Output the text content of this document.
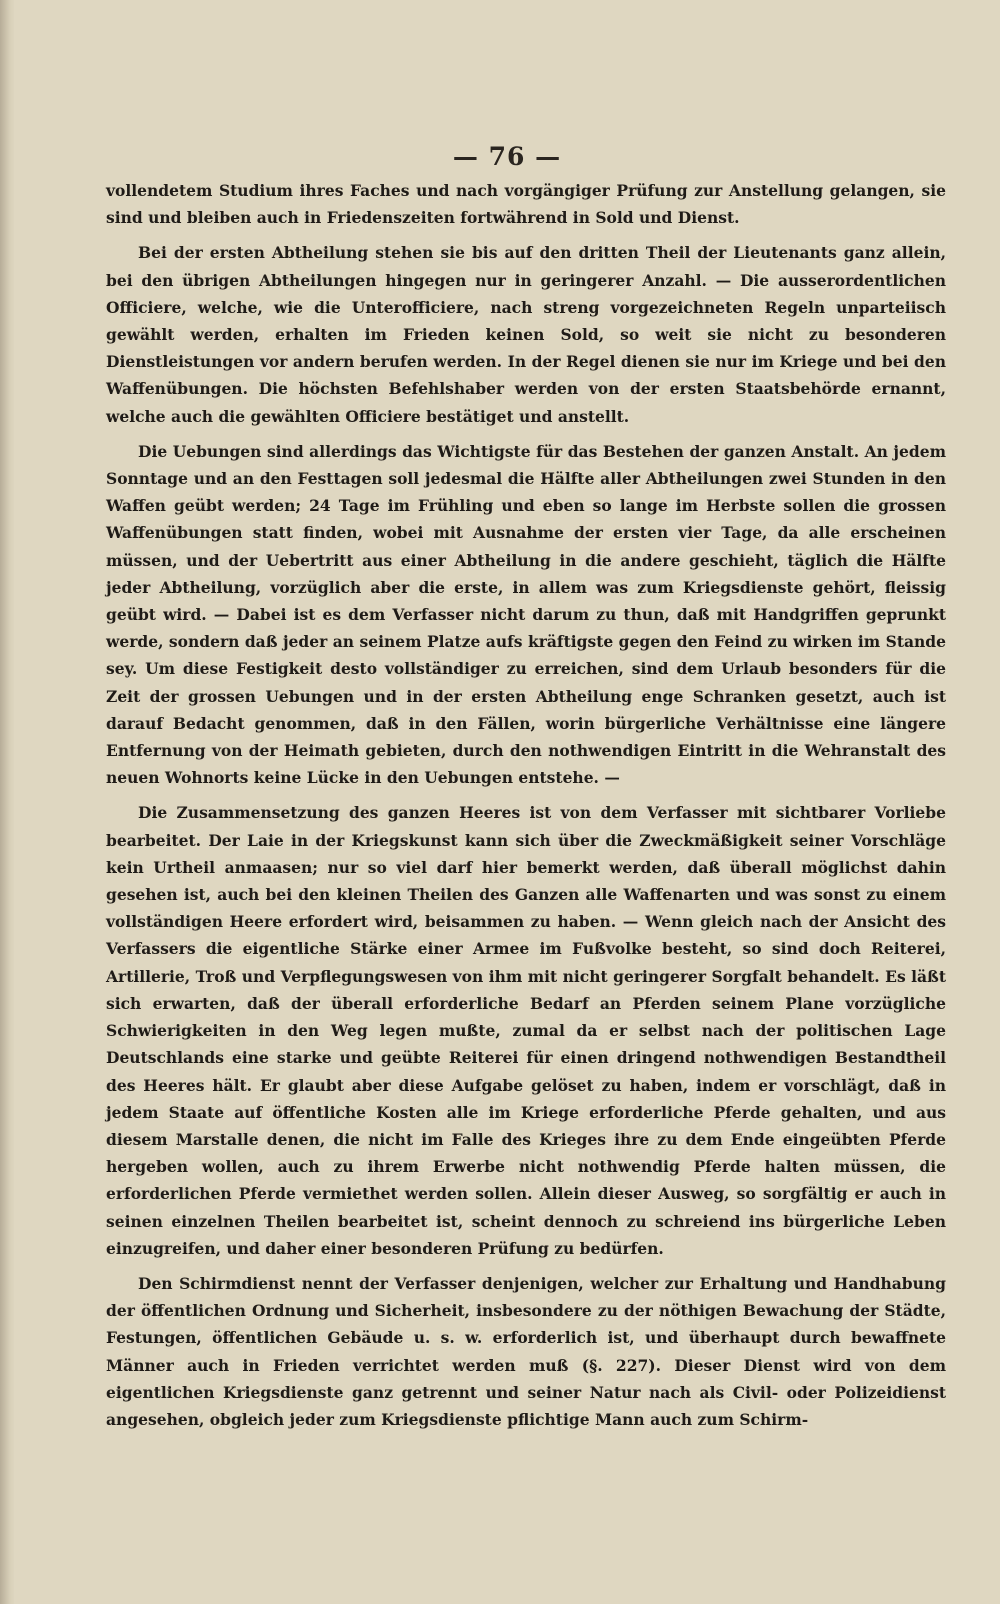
— 76 —

vollendetem Studium ihres Faches und nach vorgängiger Prüfung zur Anstellung gelangen, sie sind und bleiben auch in Friedenszeiten fortwährend in Sold und Dienst.

Bei der ersten Abtheilung stehen sie bis auf den dritten Theil der Lieutenants ganz allein, bei den übrigen Abtheilungen hingegen nur in geringerer Anzahl. — Die ausserordentlichen Officiere, welche, wie die Unterofficiere, nach streng vorgezeichneten Regeln unparteiisch gewählt werden, erhalten im Frieden keinen Sold, so weit sie nicht zu besonderen Dienstleistungen vor andern berufen werden. In der Regel dienen sie nur im Kriege und bei den Waffenübungen. Die höchsten Befehlshaber werden von der ersten Staatsbehörde ernannt, welche auch die gewählten Officiere bestätiget und anstellt.

Die Uebungen sind allerdings das Wichtigste für das Bestehen der ganzen Anstalt. An jedem Sonntage und an den Festtagen soll jedesmal die Hälfte aller Abtheilungen zwei Stunden in den Waffen geübt werden; 24 Tage im Frühling und eben so lange im Herbste sollen die grossen Waffenübungen statt finden, wobei mit Ausnahme der ersten vier Tage, da alle erscheinen müssen, und der Uebertritt aus einer Abtheilung in die andere geschieht, täglich die Hälfte jeder Abtheilung, vorzüglich aber die erste, in allem was zum Kriegsdienste gehört, fleissig geübt wird. — Dabei ist es dem Verfasser nicht darum zu thun, daß mit Handgriffen geprunkt werde, sondern daß jeder an seinem Platze aufs kräftigste gegen den Feind zu wirken im Stande sey. Um diese Festigkeit desto vollständiger zu erreichen, sind dem Urlaub besonders für die Zeit der grossen Uebungen und in der ersten Abtheilung enge Schranken gesetzt, auch ist darauf Bedacht genommen, daß in den Fällen, worin bürgerliche Verhältnisse eine längere Entfernung von der Heimath gebieten, durch den nothwendigen Eintritt in die Wehranstalt des neuen Wohnorts keine Lücke in den Uebungen entstehe. —

Die Zusammensetzung des ganzen Heeres ist von dem Verfasser mit sichtbarer Vorliebe bearbeitet. Der Laie in der Kriegskunst kann sich über die Zweckmäßigkeit seiner Vorschläge kein Urtheil anmaasen; nur so viel darf hier bemerkt werden, daß überall möglichst dahin gesehen ist, auch bei den kleinen Theilen des Ganzen alle Waffenarten und was sonst zu einem vollständigen Heere erfordert wird, beisammen zu haben. — Wenn gleich nach der Ansicht des Verfassers die eigentliche Stärke einer Armee im Fußvolke besteht, so sind doch Reiterei, Artillerie, Troß und Verpflegungswesen von ihm mit nicht geringerer Sorgfalt behandelt. Es läßt sich erwarten, daß der überall erforderliche Bedarf an Pferden seinem Plane vorzügliche Schwierigkeiten in den Weg legen mußte, zumal da er selbst nach der politischen Lage Deutschlands eine starke und geübte Reiterei für einen dringend nothwendigen Bestandtheil des Heeres hält. Er glaubt aber diese Aufgabe gelöset zu haben, indem er vorschlägt, daß in jedem Staate auf öffentliche Kosten alle im Kriege erforderliche Pferde gehalten, und aus diesem Marstalle denen, die nicht im Falle des Krieges ihre zu dem Ende eingeübten Pferde hergeben wollen, auch zu ihrem Erwerbe nicht nothwendig Pferde halten müssen, die erforderlichen Pferde vermiethet werden sollen. Allein dieser Ausweg, so sorgfältig er auch in seinen einzelnen Theilen bearbeitet ist, scheint dennoch zu schreiend ins bürgerliche Leben einzugreifen, und daher einer besonderen Prüfung zu bedürfen.

Den Schirmdienst nennt der Verfasser denjenigen, welcher zur Erhaltung und Handhabung der öffentlichen Ordnung und Sicherheit, insbesondere zu der nöthigen Bewachung der Städte, Festungen, öffentlichen Gebäude u. s. w. erforderlich ist, und überhaupt durch bewaffnete Männer auch in Frieden verrichtet werden muß (§. 227). Dieser Dienst wird von dem eigentlichen Kriegsdienste ganz getrennt und seiner Natur nach als Civil- oder Polizeidienst angesehen, obgleich jeder zum Kriegsdienste pflichtige Mann auch zum Schirm-
